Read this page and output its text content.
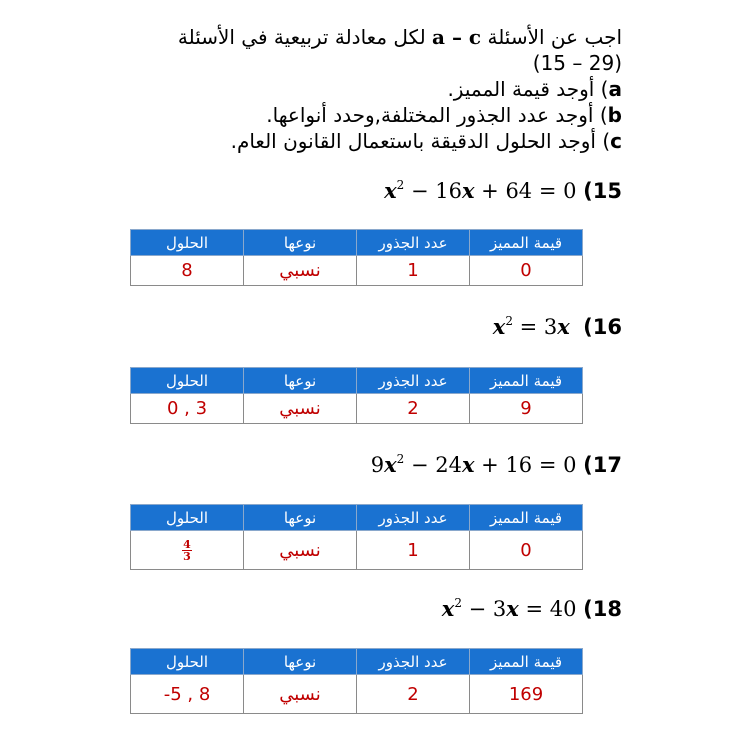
اجب عن الأسئلة a – c لكل معادلة تربيعية في الأسئلة
(15 – 29)
a) أوجد قيمة المميز.
b) أوجد عدد الجذور المختلفة,وحدد أنواعها.
c) أوجد الحلول الدقيقة باستعمال القانون العام.
$x^2 - 16x + 64 = 0$ (15
قيمة المميز	عدد الجذور	نوعها	الحلول
0	1	نسبي	8
$x^2 = 3x$ (16
قيمة المميز	عدد الجذور	نوعها	الحلول
9	2	نسبي	0 , 3
$9x^2 - 24x + 16 = 0$ (17
قيمة المميز	عدد الجذور	نوعها	الحلول
0	1	نسبي	$\frac{4}{3}$
$x^2 - 3x = 40$ (18
قيمة المميز	عدد الجذور	نوعها	الحلول
169	2	نسبي	-5 , 8
